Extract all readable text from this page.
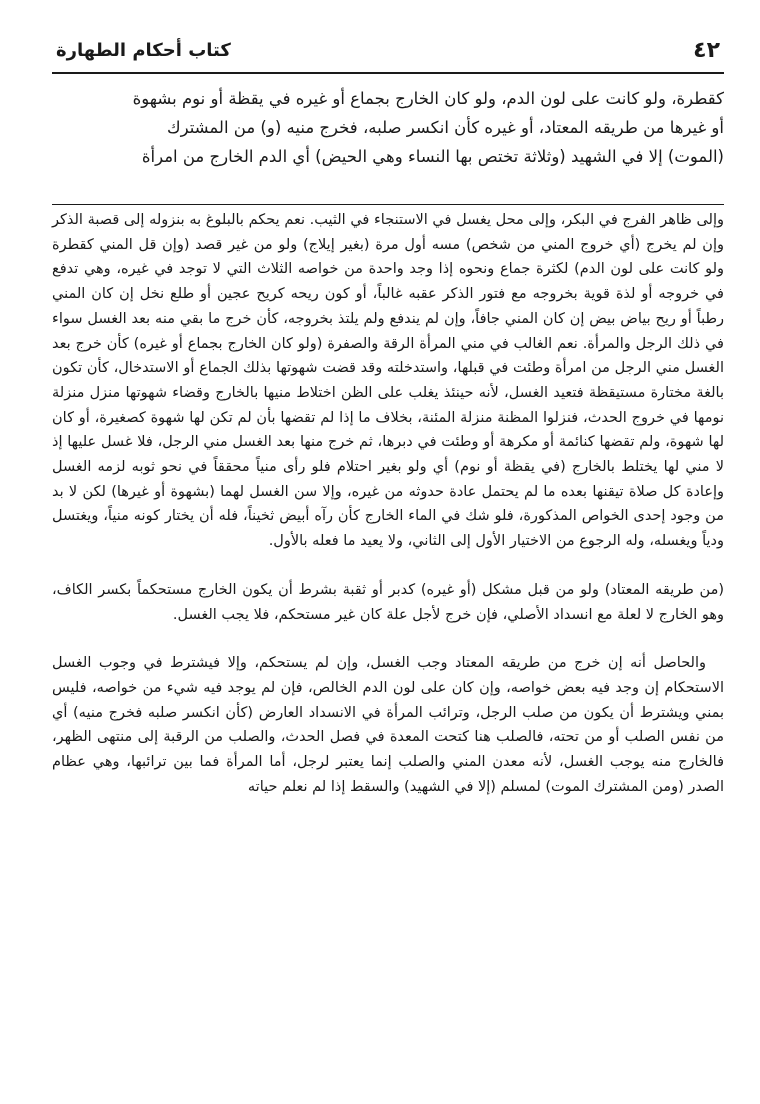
٤٢
كتاب أحكام الطهارة
كقطرة، ولو كانت على لون الدم، ولو كان الخارج بجماع أو غيره في يقظة أو نوم بشهوة
أو غيرها من طريقه المعتاد، أو غيره كأن انكسر صلبه، فخرج منيه (و) من المشترك
(الموت) إلا في الشهيد (وثلاثة تختص بها النساء وهي الحيض) أي الدم الخارج من امرأة

وإلى ظاهر الفرج في البكر، وإلى محل يغسل في الاستنجاء في الثيب. نعم يحكم بالبلوغ به بنزوله إلى قصبة الذكر وإن لم يخرج (أي خروج المني من شخص) مسه أول مرة (بغير إيلاج) ولو من غير قصد (وإن قل المني كقطرة ولو كانت على لون الدم) لكثرة جماع ونحوه إذا وجد واحدة من خواصه الثلاث التي لا توجد في غيره، وهي تدفع في خروجه أو لذة قوية بخروجه مع فتور الذكر عقبه غالباً، أو كون ريحه كريح عجين أو طلع نخل إن كان المني رطباً أو ريح بياض بيض إن كان المني جافاً، وإن لم يندفع ولم يلتذ بخروجه، كأن خرج ما بقي منه بعد الغسل سواء في ذلك الرجل والمرأة. نعم الغالب في مني المرأة الرقة والصفرة (ولو كان الخارج بجماع أو غيره) كأن خرج بعد الغسل مني الرجل من امرأة وطئت في قبلها، واستدخلته وقد قضت شهوتها بذلك الجماع أو الاستدخال، كأن تكون بالغة مختارة مستيقظة فتعيد الغسل، لأنه حينئذ يغلب على الظن اختلاط منيها بالخارج وقضاء شهوتها منزل منزلة نومها في خروج الحدث، فنزلوا المظنة منزلة المئنة، بخلاف ما إذا لم تقضها بأن لم تكن لها شهوة كصغيرة، أو كان لها شهوة، ولم تقضها كنائمة أو مكرهة أو وطئت في دبرها، ثم خرج منها بعد الغسل مني الرجل، فلا غسل عليها إذ لا مني لها يختلط بالخارج (في يقظة أو نوم) أي ولو بغير احتلام فلو رأى منياً محققاً في نحو ثوبه لزمه الغسل وإعادة كل صلاة تيقنها بعده ما لم يحتمل عادة حدوثه من غيره، وإلا سن الغسل لهما (بشهوة أو غيرها) لكن لا بد من وجود إحدى الخواص المذكورة، فلو شك في الماء الخارج كأن رآه أبيض ثخيناً، فله أن يختار كونه منياً، ويغتسل ودياً ويغسله، وله الرجوع من الاختيار الأول إلى الثاني، ولا يعيد ما فعله بالأول.

(من طريقه المعتاد) ولو من قبل مشكل (أو غيره) كدبر أو ثقبة بشرط أن يكون الخارج مستحكماً بكسر الكاف، وهو الخارج لا لعلة مع انسداد الأصلي، فإن خرج لأجل علة كان غير مستحكم، فلا يجب الغسل.

والحاصل أنه إن خرج من طريقه المعتاد وجب الغسل، وإن لم يستحكم، وإلا فيشترط في وجوب الغسل الاستحكام إن وجد فيه بعض خواصه، وإن كان على لون الدم الخالص، فإن لم يوجد فيه شيء من خواصه، فليس بمني ويشترط أن يكون من صلب الرجل، وترائب المرأة في الانسداد العارض (كأن انكسر صلبه فخرج منيه) أي من نفس الصلب أو من تحته، فالصلب هنا كتحت المعدة في فصل الحدث، والصلب من الرقبة إلى منتهى الظهر، فالخارج منه يوجب الغسل، لأنه معدن المني والصلب إنما يعتبر لرجل، أما المرأة فما بين ترائبها، وهي عظام الصدر (ومن المشترك الموت) لمسلم (إلا في الشهيد) والسقط إذا لم نعلم حياته
